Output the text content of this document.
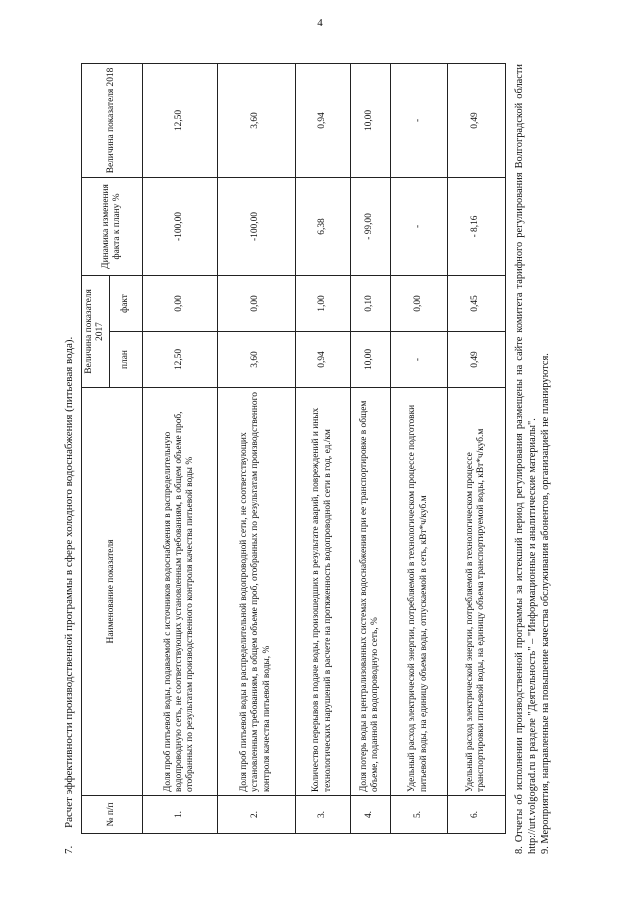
4
7.Расчет эффективности производственной программы в сфере холодного водоснабжения (питьевая вода).	№ п/п	Наименование показателя	Величина показателя 2017		Динамика изменения факта к плану %	Величина показателя 2018
		план	факт		
1.	Доля проб питьевой воды, подаваемой с источников водоснабжения в распределительную водопроводную сеть, не соответствующих установленным требованиям, в общем объеме проб, отобранных по результатам производственного контроля качества питьевой воды %	12,50	0,00	-100,00	12,50
2.	Доля проб питьевой воды в распределительной водопроводной сети, не соответствующих установленным требованиям, в общем объеме проб, отобранных по результатам производственного контроля качества питьевой воды, %	3,60	0,00	-100,00	3,60
3.	Количество перерывов в подаче воды, произошедших в результате аварий, повреждений и иных технологических нарушений в расчете на протяженность водопроводной сети в год, ед./км	0,94	1,00	6,38	0,94
4.	Доля потерь воды в централизованных системах водоснабжения при ее транспортировке в общем объеме, поданной в водопроводную сеть, %	10,00	0,10	- 99,00	10,00
5.	Удельный расход электрической энергии, потребляемой в технологическом процессе подготовки питьевой воды, на единицу объема воды, отпускаемой в сеть, кВт*ч/куб.м	-	0,00	-	-
6.	Удельный расход электрической энергии, потребляемой в технологическом процессе транспортировки питьевой воды, на единицу объема транспортируемой воды, кВт*ч/куб.м	0,49	0,45	- 8,16	0,49	8. Отчеты об исполнении производственной программы за истекший период регулирования размещены на сайте комитета тарифного регулирования Волгоградской области http://urt.volgograd.ru в разделе "Деятельность" – "Информационные и аналитические материалы". 9. Мероприятия, направленные на повышение качества обслуживания абонентов, организацией не планируются.
